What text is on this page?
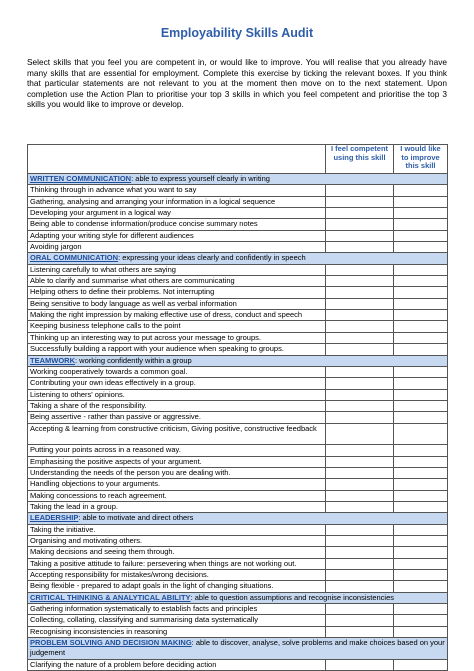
Employability Skills Audit
Select skills that you feel you are competent in, or would like to improve. You will realise that you already have many skills that are essential for employment. Complete this exercise by ticking the relevant boxes. If you think that particular statements are not relevant to you at the moment then move on to the next statement. Upon completion use the Action Plan to prioritise your top 3 skills in which you feel competent and prioritise the top 3 skills you would like to improve or develop.
	I feel competent using this skill	I would like to improve this skill
WRITTEN COMMUNICATION: able to express yourself clearly in writing		
Thinking through in advance what you want to say		
Gathering, analysing and arranging your information in a logical sequence		
Developing your argument in a logical way		
Being able to condense information/produce concise summary notes		
Adapting your writing style for different audiences		
Avoiding jargon		
ORAL COMMUNICATION: expressing your ideas clearly and confidently in speech		
Listening carefully to what others are saying		
Able to clarify and summarise what others are communicating		
Helping others to define their problems. Not interrupting		
Being sensitive to body language as well as verbal information		
Making the right impression by making effective use of dress, conduct and speech		
Keeping business telephone calls to the point		
Thinking up an interesting way to put across your message to groups.		
Successfully building a rapport with your audience when speaking to groups.		
TEAMWORK: working confidently within a group		
Working cooperatively towards a common goal.		
Contributing your own ideas effectively in a group.		
Listening to others' opinions.		
Taking a share of the responsibility.		
Being assertive - rather than passive or aggressive.		
Accepting & learning from constructive criticism, Giving positive, constructive feedback		
Putting your points across in a reasoned way.		
Emphasising the positive aspects of your argument.		
Understanding the needs of the person you are dealing with.		
Handling objections to your arguments.		
Making concessions to reach agreement.		
Taking the lead in a group.		
LEADERSHIP: able to motivate and direct others		
Taking the initiative.		
Organising and motivating others.		
Making decisions and seeing them through.		
Taking a positive attitude to failure: persevering when things are not working out.		
Accepting responsibility for mistakes/wrong decisions.		
Being flexible - prepared to adapt goals in the light of changing situations.		
CRITICAL THINKING & ANALYTICAL ABILITY: able to question assumptions and recognise inconsistencies		
Gathering information systematically to establish facts and principles		
Collecting, collating, classifying and summarising data systematically		
Recognising inconsistencies in reasoning		
PROBLEM SOLVING AND DECISION MAKING: able to discover, analyse, solve problems and make choices based on your judgement		
Clarifying the nature of a problem before deciding action		
